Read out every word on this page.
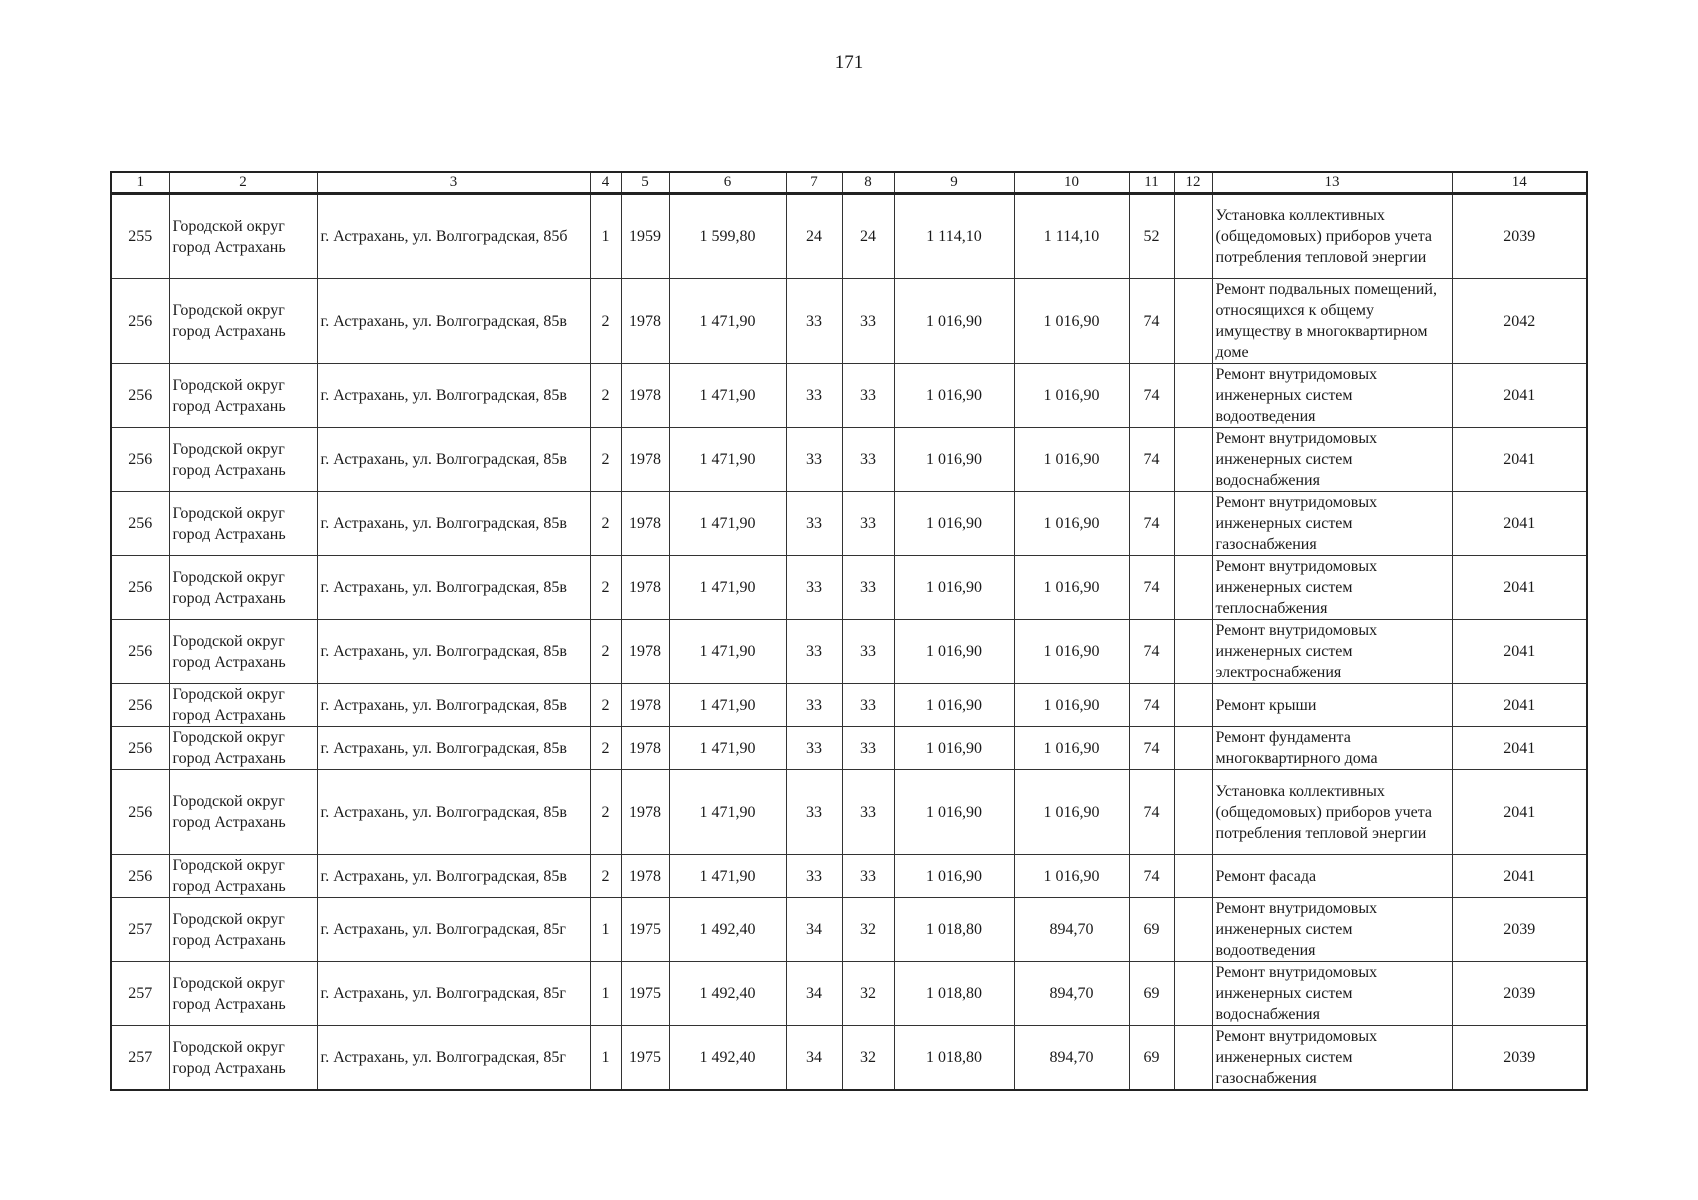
171
1	2	3	4	5	6	7	8	9	10	11	12	13	14
255	Городской округ город Астрахань	г. Астрахань, ул. Волгоградская, 85б	1	1959	1 599,80	24	24	1 114,10	1 114,10	52		Установка коллективных (общедомовых) приборов учета потребления тепловой энергии	2039
256	Городской округ город Астрахань	г. Астрахань, ул. Волгоградская, 85в	2	1978	1 471,90	33	33	1 016,90	1 016,90	74		Ремонт подвальных помещений, относящихся к общему имуществу в многоквартирном доме	2042
256	Городской округ город Астрахань	г. Астрахань, ул. Волгоградская, 85в	2	1978	1 471,90	33	33	1 016,90	1 016,90	74		Ремонт внутридомовых инженерных систем водоотведения	2041
256	Городской округ город Астрахань	г. Астрахань, ул. Волгоградская, 85в	2	1978	1 471,90	33	33	1 016,90	1 016,90	74		Ремонт внутридомовых инженерных систем водоснабжения	2041
256	Городской округ город Астрахань	г. Астрахань, ул. Волгоградская, 85в	2	1978	1 471,90	33	33	1 016,90	1 016,90	74		Ремонт внутридомовых инженерных систем газоснабжения	2041
256	Городской округ город Астрахань	г. Астрахань, ул. Волгоградская, 85в	2	1978	1 471,90	33	33	1 016,90	1 016,90	74		Ремонт внутридомовых инженерных систем теплоснабжения	2041
256	Городской округ город Астрахань	г. Астрахань, ул. Волгоградская, 85в	2	1978	1 471,90	33	33	1 016,90	1 016,90	74		Ремонт внутридомовых инженерных систем электроснабжения	2041
256	Городской округ город Астрахань	г. Астрахань, ул. Волгоградская, 85в	2	1978	1 471,90	33	33	1 016,90	1 016,90	74		Ремонт крыши	2041
256	Городской округ город Астрахань	г. Астрахань, ул. Волгоградская, 85в	2	1978	1 471,90	33	33	1 016,90	1 016,90	74		Ремонт фундамента многоквартирного дома	2041
256	Городской округ город Астрахань	г. Астрахань, ул. Волгоградская, 85в	2	1978	1 471,90	33	33	1 016,90	1 016,90	74		Установка коллективных (общедомовых) приборов учета потребления тепловой энергии	2041
256	Городской округ город Астрахань	г. Астрахань, ул. Волгоградская, 85в	2	1978	1 471,90	33	33	1 016,90	1 016,90	74		Ремонт фасада	2041
257	Городской округ город Астрахань	г. Астрахань, ул. Волгоградская, 85г	1	1975	1 492,40	34	32	1 018,80	894,70	69		Ремонт внутридомовых инженерных систем водоотведения	2039
257	Городской округ город Астрахань	г. Астрахань, ул. Волгоградская, 85г	1	1975	1 492,40	34	32	1 018,80	894,70	69		Ремонт внутридомовых инженерных систем водоснабжения	2039
257	Городской округ город Астрахань	г. Астрахань, ул. Волгоградская, 85г	1	1975	1 492,40	34	32	1 018,80	894,70	69		Ремонт внутридомовых инженерных систем газоснабжения	2039
